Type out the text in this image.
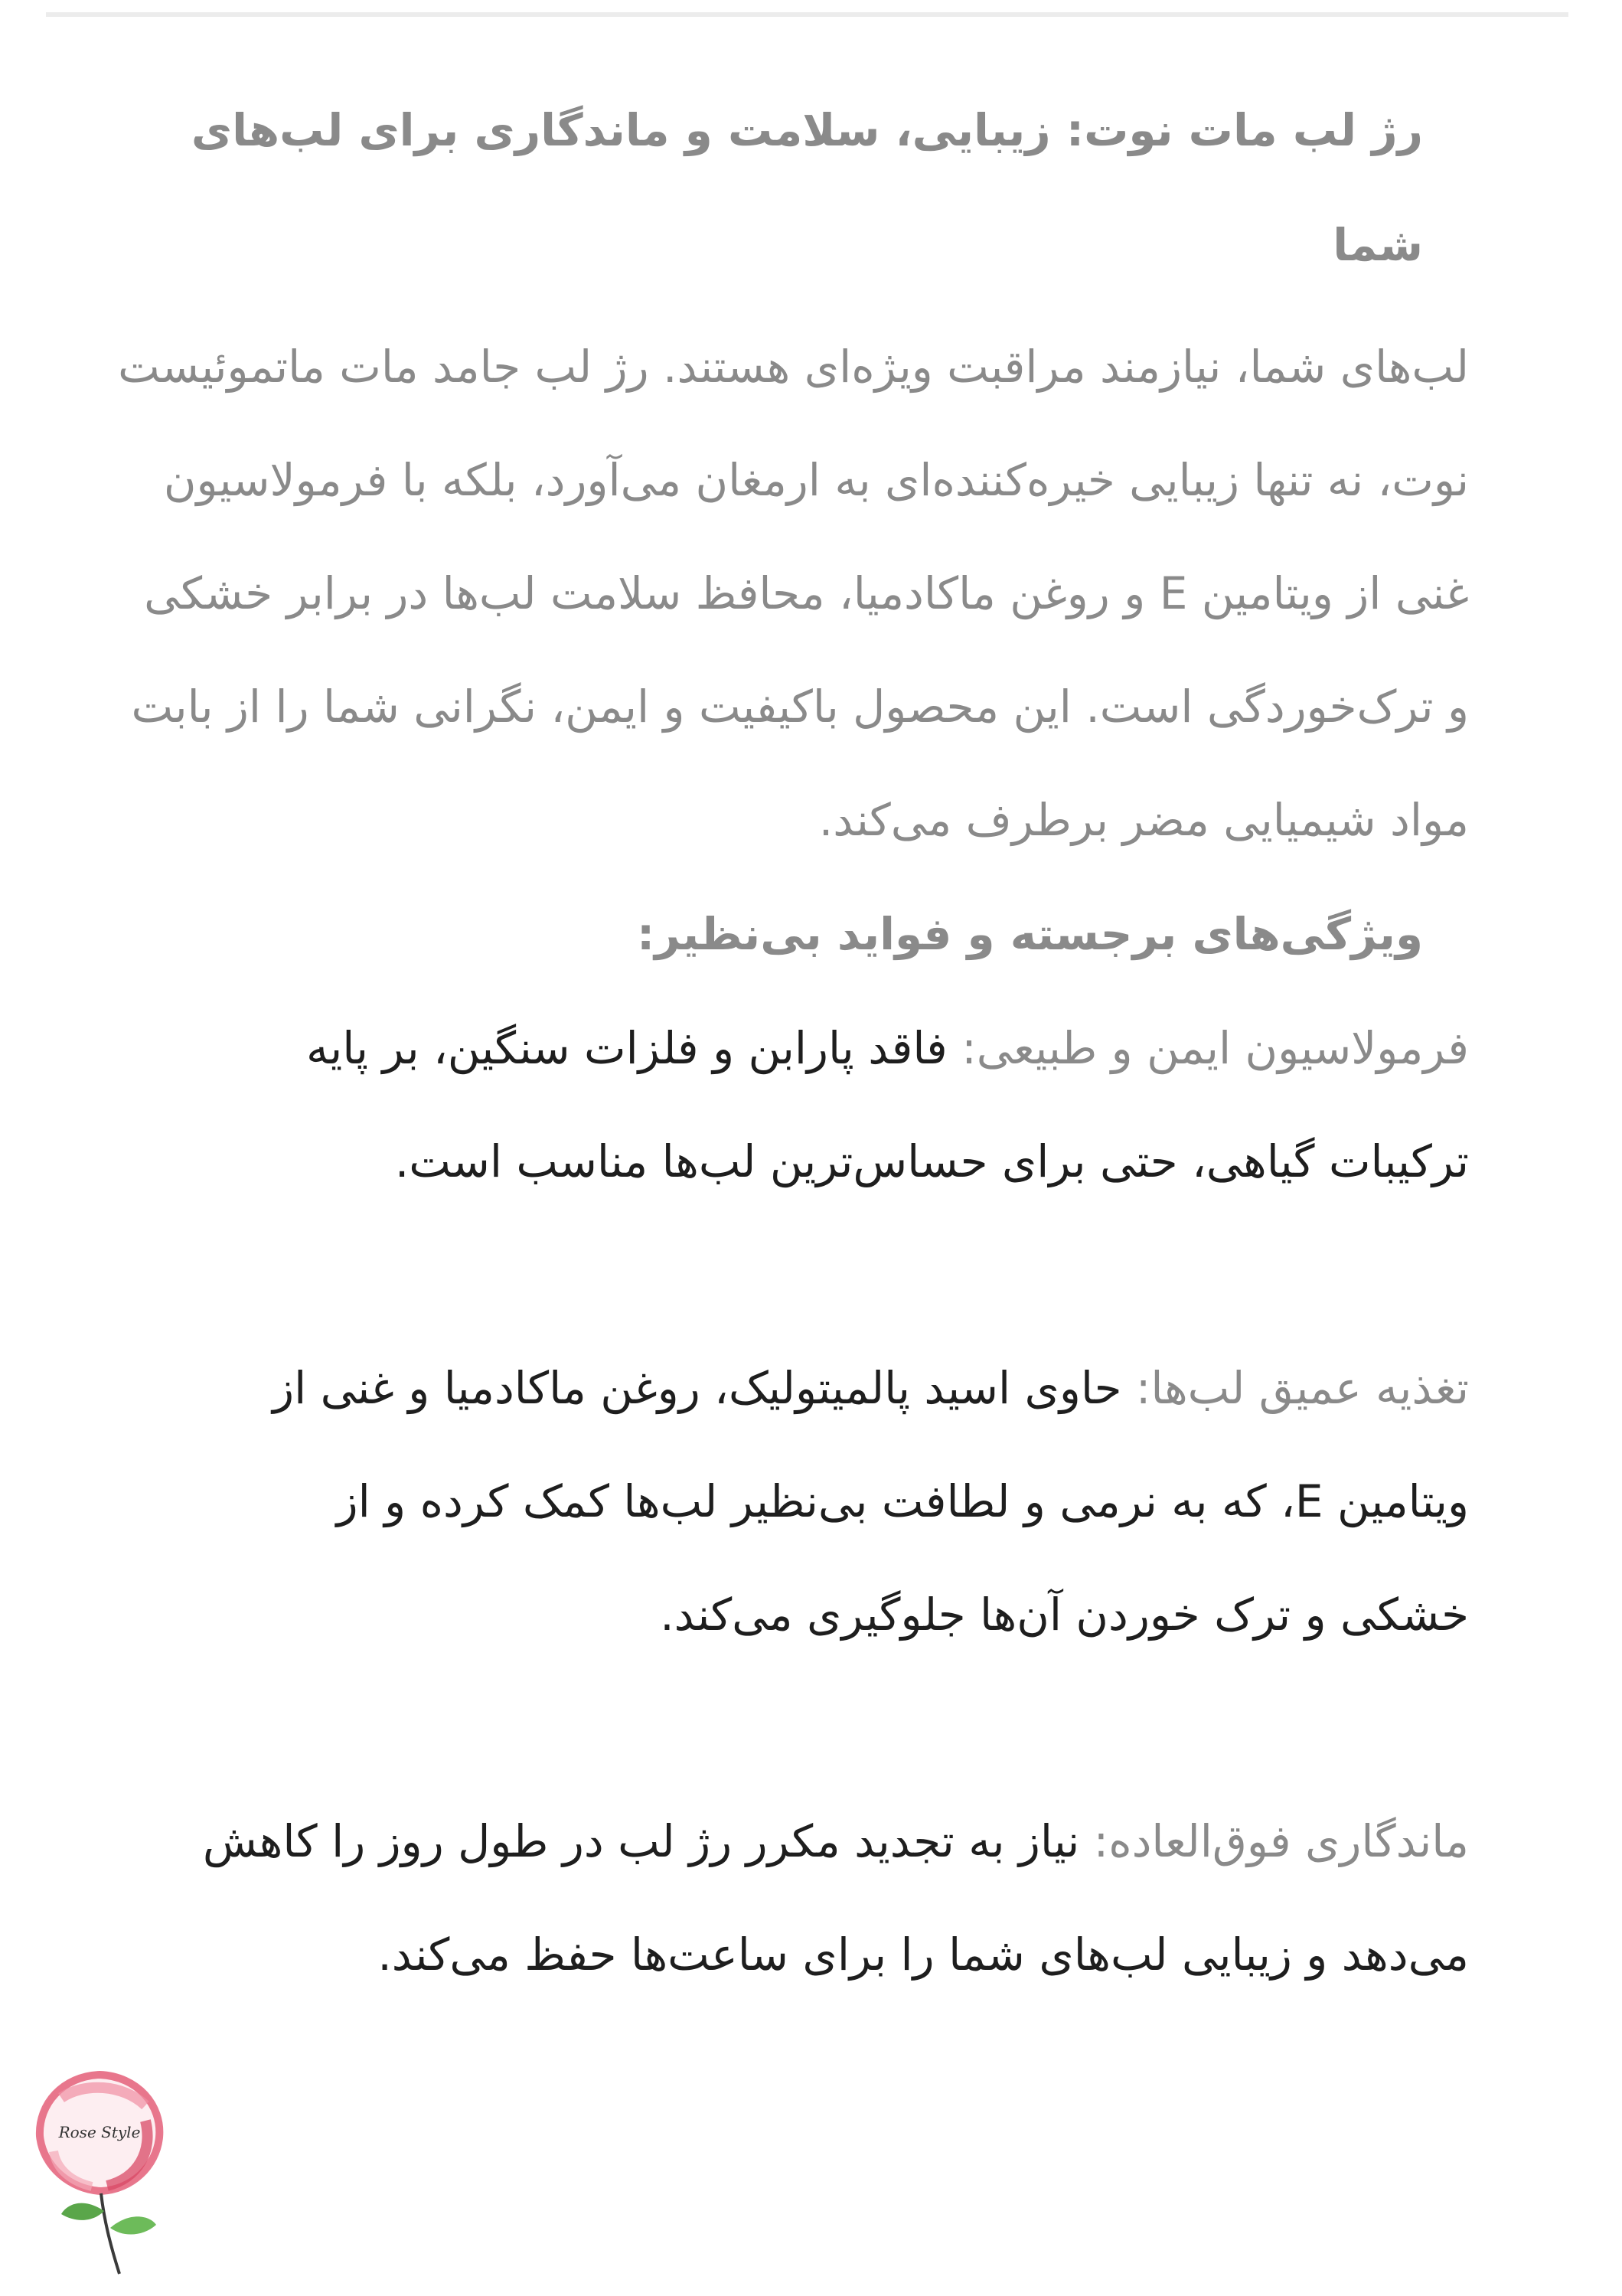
رژ لب مات نوت: زیبایی، سلامت و ماندگاری برای لب‌های شما

لب‌های شما، نیازمند مراقبت ویژه‌ای هستند. رژ لب جامد مات ماتموئیست نوت، نه تنها زیبایی خیره‌کننده‌ای به ارمغان می‌آورد، بلکه با فرمولاسیون غنی از ویتامین E و روغن ماکادمیا، محافظ سلامت لب‌ها در برابر خشکی و ترک‌خوردگی است. این محصول باکیفیت و ایمن، نگرانی شما را از بابت مواد شیمیایی مضر برطرف می‌کند.

ویژگی‌های برجسته و فواید بی‌نظیر:

فرمولاسیون ایمن و طبیعی: فاقد پارابن و فلزات سنگین، بر پایه ترکیبات گیاهی، حتی برای حساس‌ترین لب‌ها مناسب است.

تغذیه عمیق لب‌ها: حاوی اسید پالمیتولیک، روغن ماکادمیا و غنی از ویتامین E، که به نرمی و لطافت بی‌نظیر لب‌ها کمک کرده و از خشکی و ترک خوردن آن‌ها جلوگیری می‌کند.

ماندگاری فوق‌العاده: نیاز به تجدید مکرر رژ لب در طول روز را کاهش می‌دهد و زیبایی لب‌های شما را برای ساعت‌ها حفظ می‌کند.

Rose Style
